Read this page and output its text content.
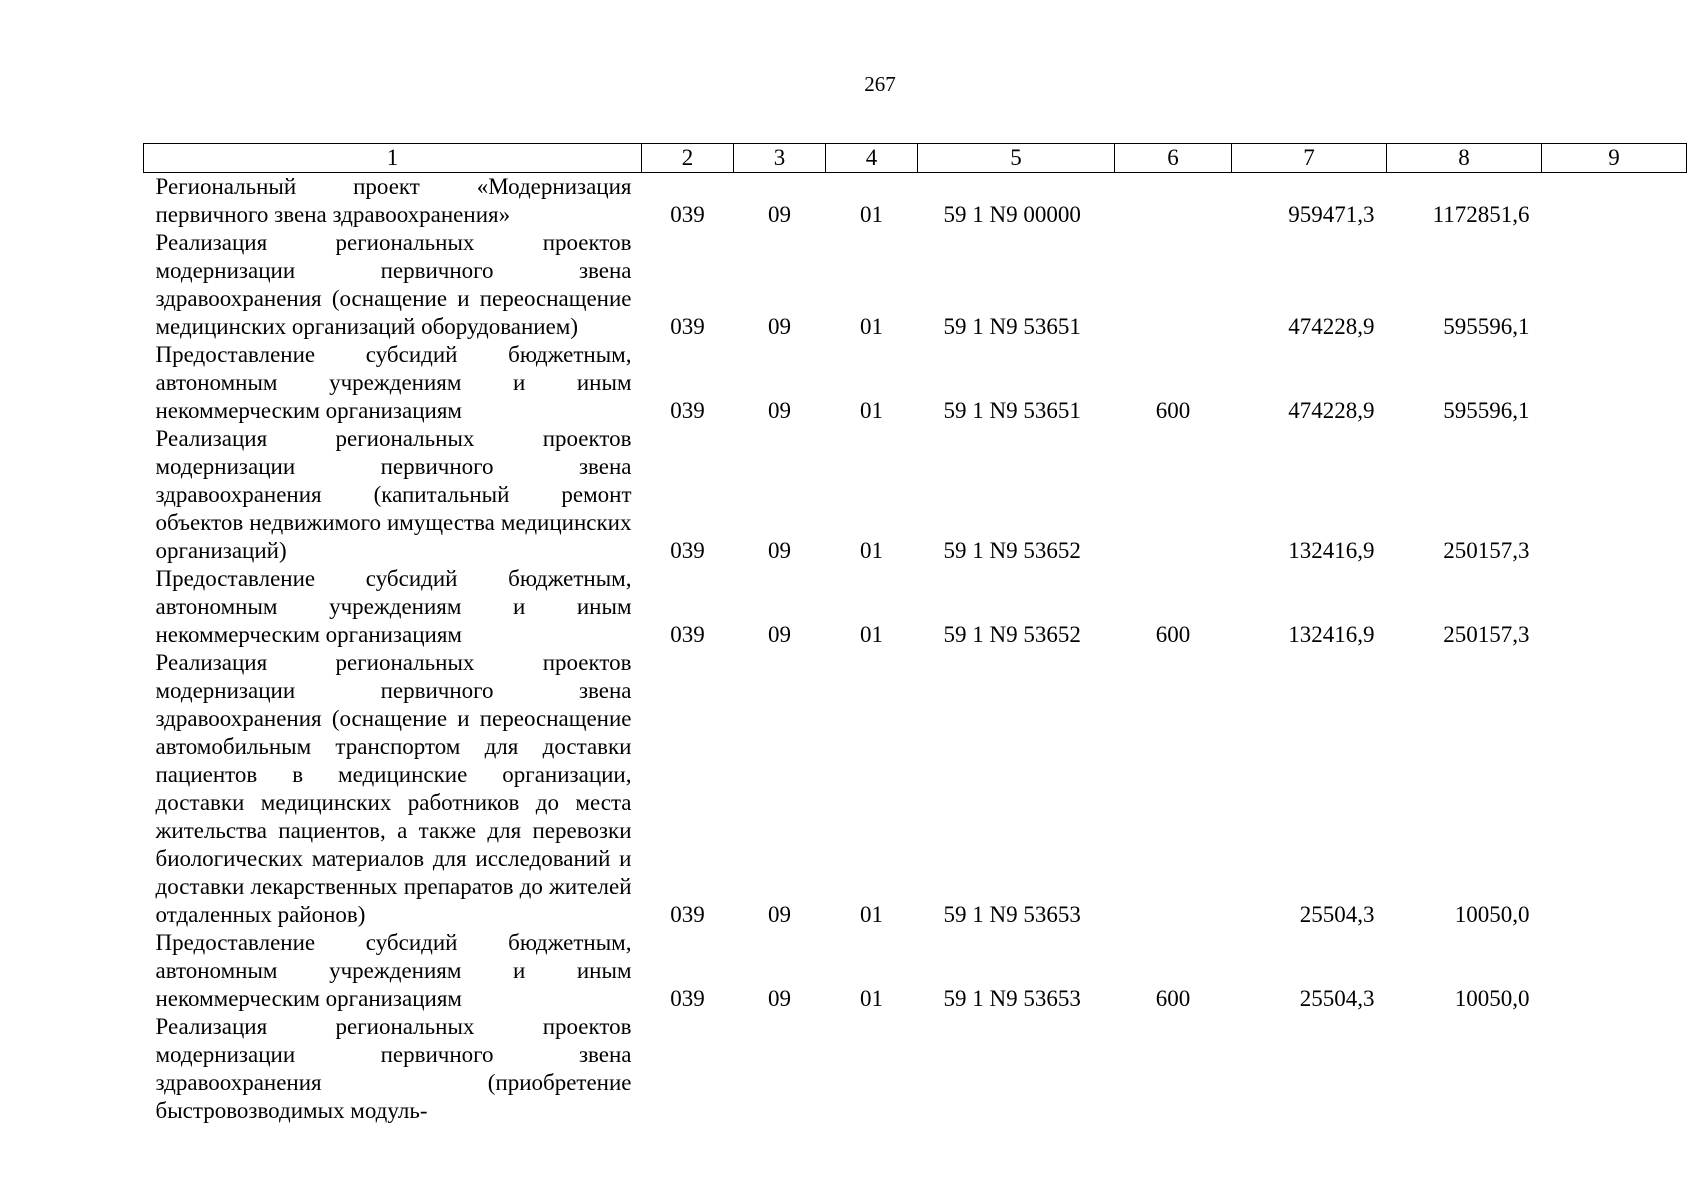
267
1	2	3	4	5	6	7	8	9
Региональный проект «Модернизация первичного звена здравоохранения»	039	09	01	59 1 N9 00000		959471,3	1172851,6	
Реализация региональных проектов модернизации первичного звена здравоохранения (оснащение и переоснащение медицинских организаций оборудованием)	039	09	01	59 1 N9 53651		474228,9	595596,1	
Предоставление субсидий бюджетным, автономным учреждениям и иным некоммерческим организациям	039	09	01	59 1 N9 53651	600	474228,9	595596,1	
Реализация региональных проектов модернизации первичного звена здравоохранения (капитальный ремонт объектов недвижимого имущества медицинских организаций)	039	09	01	59 1 N9 53652		132416,9	250157,3	
Предоставление субсидий бюджетным, автономным учреждениям и иным некоммерческим организациям	039	09	01	59 1 N9 53652	600	132416,9	250157,3	
Реализация региональных проектов модернизации первичного звена здравоохранения (оснащение и переоснащение автомобильным транспортом для доставки пациентов в медицинские организации, доставки медицинских работников до места жительства пациентов, а также для перевозки биологических материалов для исследований и доставки лекарственных препаратов до жителей отдаленных районов)	039	09	01	59 1 N9 53653		25504,3	10050,0	
Предоставление субсидий бюджетным, автономным учреждениям и иным некоммерческим организациям	039	09	01	59 1 N9 53653	600	25504,3	10050,0	
Реализация региональных проектов модернизации первичного звена здравоохранения (приобретение быстровозводимых модуль-								
